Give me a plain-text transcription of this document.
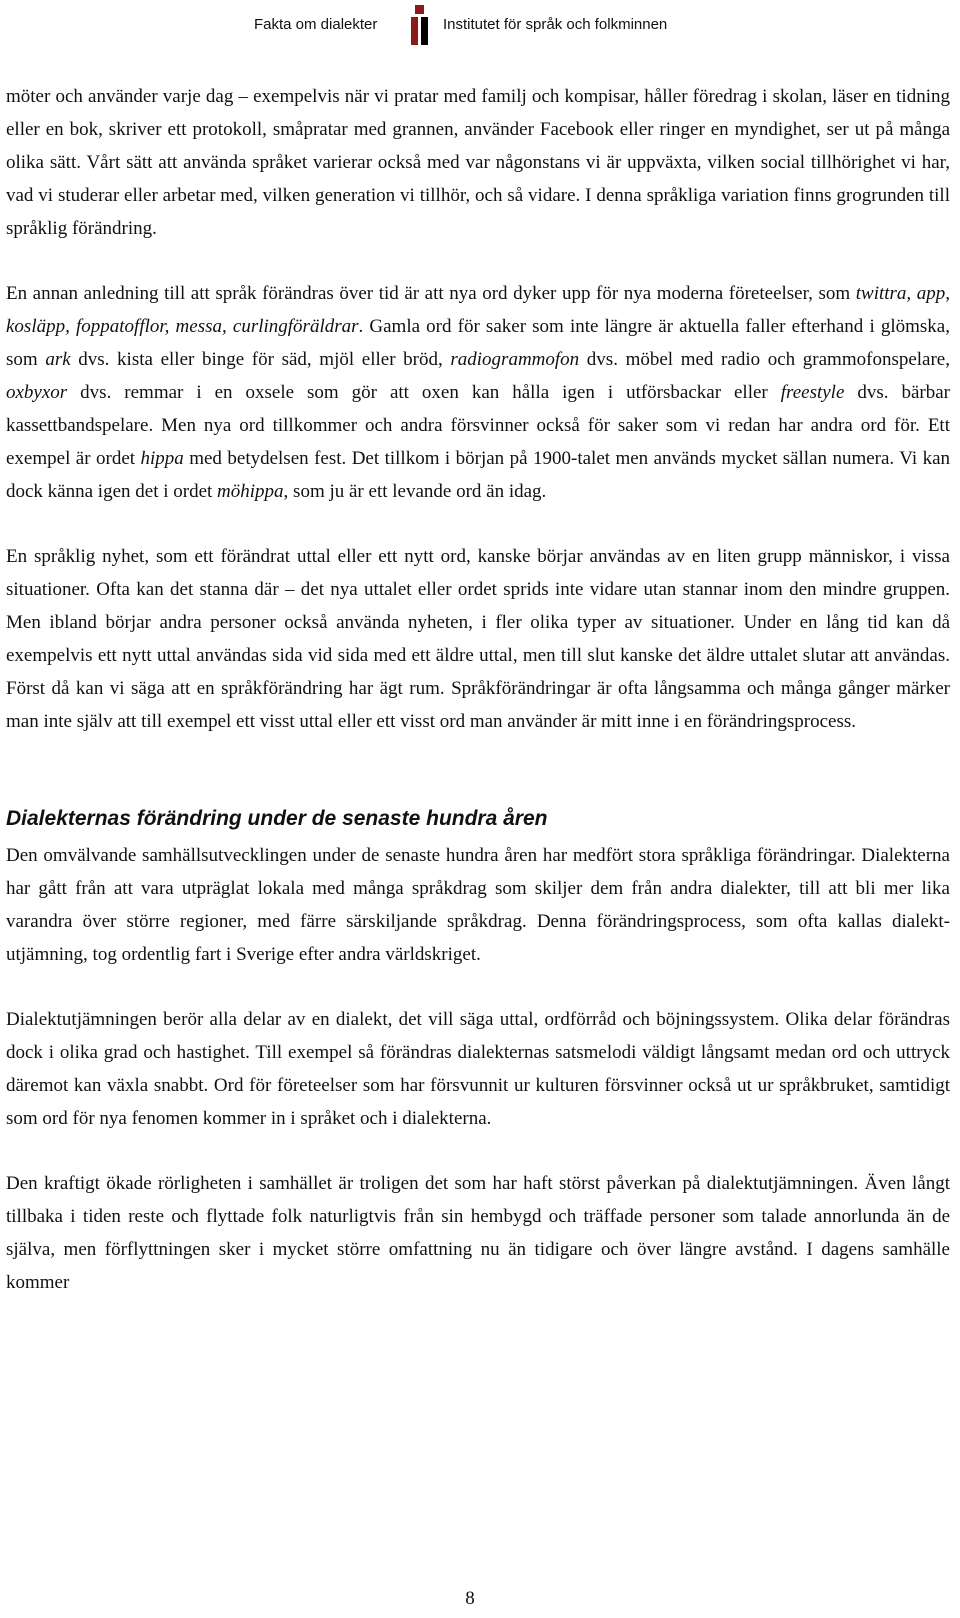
Fakta om dialekter	Institutet för språk och folkminnen

möter och använder varje dag – exempelvis när vi pratar med familj och kompisar, håller föredrag i skolan, läser en tidning eller en bok, skriver ett protokoll, småpratar med grannen, använder Facebook eller ringer en myndighet, ser ut på många olika sätt. Vårt sätt att använda språket varierar också med var någonstans vi är uppväxta, vilken social tillhörighet vi har, vad vi studerar eller arbetar med, vilken generation vi tillhör, och så vidare. I denna språkliga variation finns grogrunden till språklig förändring.

En annan anledning till att språk förändras över tid är att nya ord dyker upp för nya moderna företeelser, som twittra, app, kosläpp, foppatofflor, messa, curlingföräldrar. Gamla ord för saker som inte längre är aktuella faller efterhand i glömska, som ark dvs. kista eller binge för säd, mjöl eller bröd, radiogrammofon dvs. möbel med radio och grammofonspelare, oxbyxor dvs. remmar i en oxsele som gör att oxen kan hålla igen i utförsbackar eller freestyle dvs. bärbar kassettbandspelare. Men nya ord tillkommer och andra försvinner också för saker som vi redan har andra ord för. Ett exempel är ordet hippa med betydelsen fest. Det tillkom i början på 1900-talet men används mycket sällan numera. Vi kan dock känna igen det i ordet möhippa, som ju är ett levande ord än idag.

En språklig nyhet, som ett förändrat uttal eller ett nytt ord, kanske börjar användas av en liten grupp människor, i vissa situationer. Ofta kan det stanna där – det nya uttalet eller ordet sprids inte vidare utan stannar inom den mindre gruppen. Men ibland börjar andra personer också använda nyheten, i fler olika typer av situationer. Under en lång tid kan då exempelvis ett nytt uttal användas sida vid sida med ett äldre uttal, men till slut kanske det äldre uttalet slutar att användas. Först då kan vi säga att en språkförändring har ägt rum. Språkförändringar är ofta långsamma och många gånger märker man inte själv att till exempel ett visst uttal eller ett visst ord man använder är mitt inne i en förändringsprocess.

Dialekternas förändring under de senaste hundra åren

Den omvälvande samhällsutvecklingen under de senaste hundra åren har medfört stora språkliga förändringar. Dialekterna har gått från att vara utpräglat lokala med många språkdrag som skiljer dem från andra dialekter, till att bli mer lika varandra över större regioner, med färre särskiljande språkdrag. Denna förändringsprocess, som ofta kallas dialektutjämning, tog ordentlig fart i Sverige efter andra världskriget.

Dialektutjämningen berör alla delar av en dialekt, det vill säga uttal, ordförråd och böjningssystem. Olika delar förändras dock i olika grad och hastighet. Till exempel så förändras dialekternas satsmelodi väldigt långsamt medan ord och uttryck däremot kan växla snabbt. Ord för företeelser som har försvunnit ur kulturen försvinner också ut ur språkbruket, samtidigt som ord för nya fenomen kommer in i språket och i dialekterna.

Den kraftigt ökade rörligheten i samhället är troligen det som har haft störst påverkan på dialektutjämningen. Även långt tillbaka i tiden reste och flyttade folk naturligtvis från sin hembygd och träffade personer som talade annorlunda än de själva, men förflyttningen sker i mycket större omfattning nu än tidigare och över längre avstånd. I dagens samhälle kommer

8
